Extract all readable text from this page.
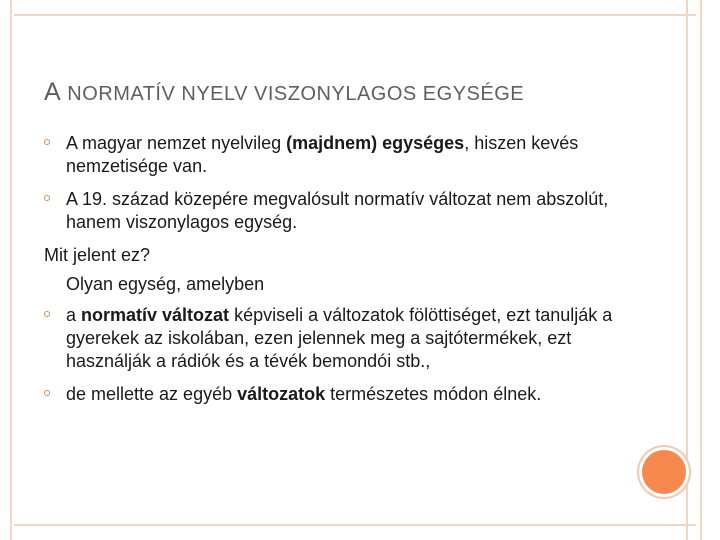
A NORMATÍV NYELV VISZONYLAGOS EGYSÉGE
A magyar nemzet nyelvileg (majdnem) egységes, hiszen kevés nemzetisége van.
A 19. század közepére megvalósult normatív változat nem abszolút, hanem viszonylagos egység.
Mit jelent ez?
Olyan egység, amelyben
a normatív változat képviseli a változatok fölöttiséget, ezt tanulják a gyerekek az iskolában, ezen jelennek meg a sajtótermékek, ezt használják a rádiók és a tévék bemondói stb.,
de mellette az egyéb változatok természetes módon élnek.
